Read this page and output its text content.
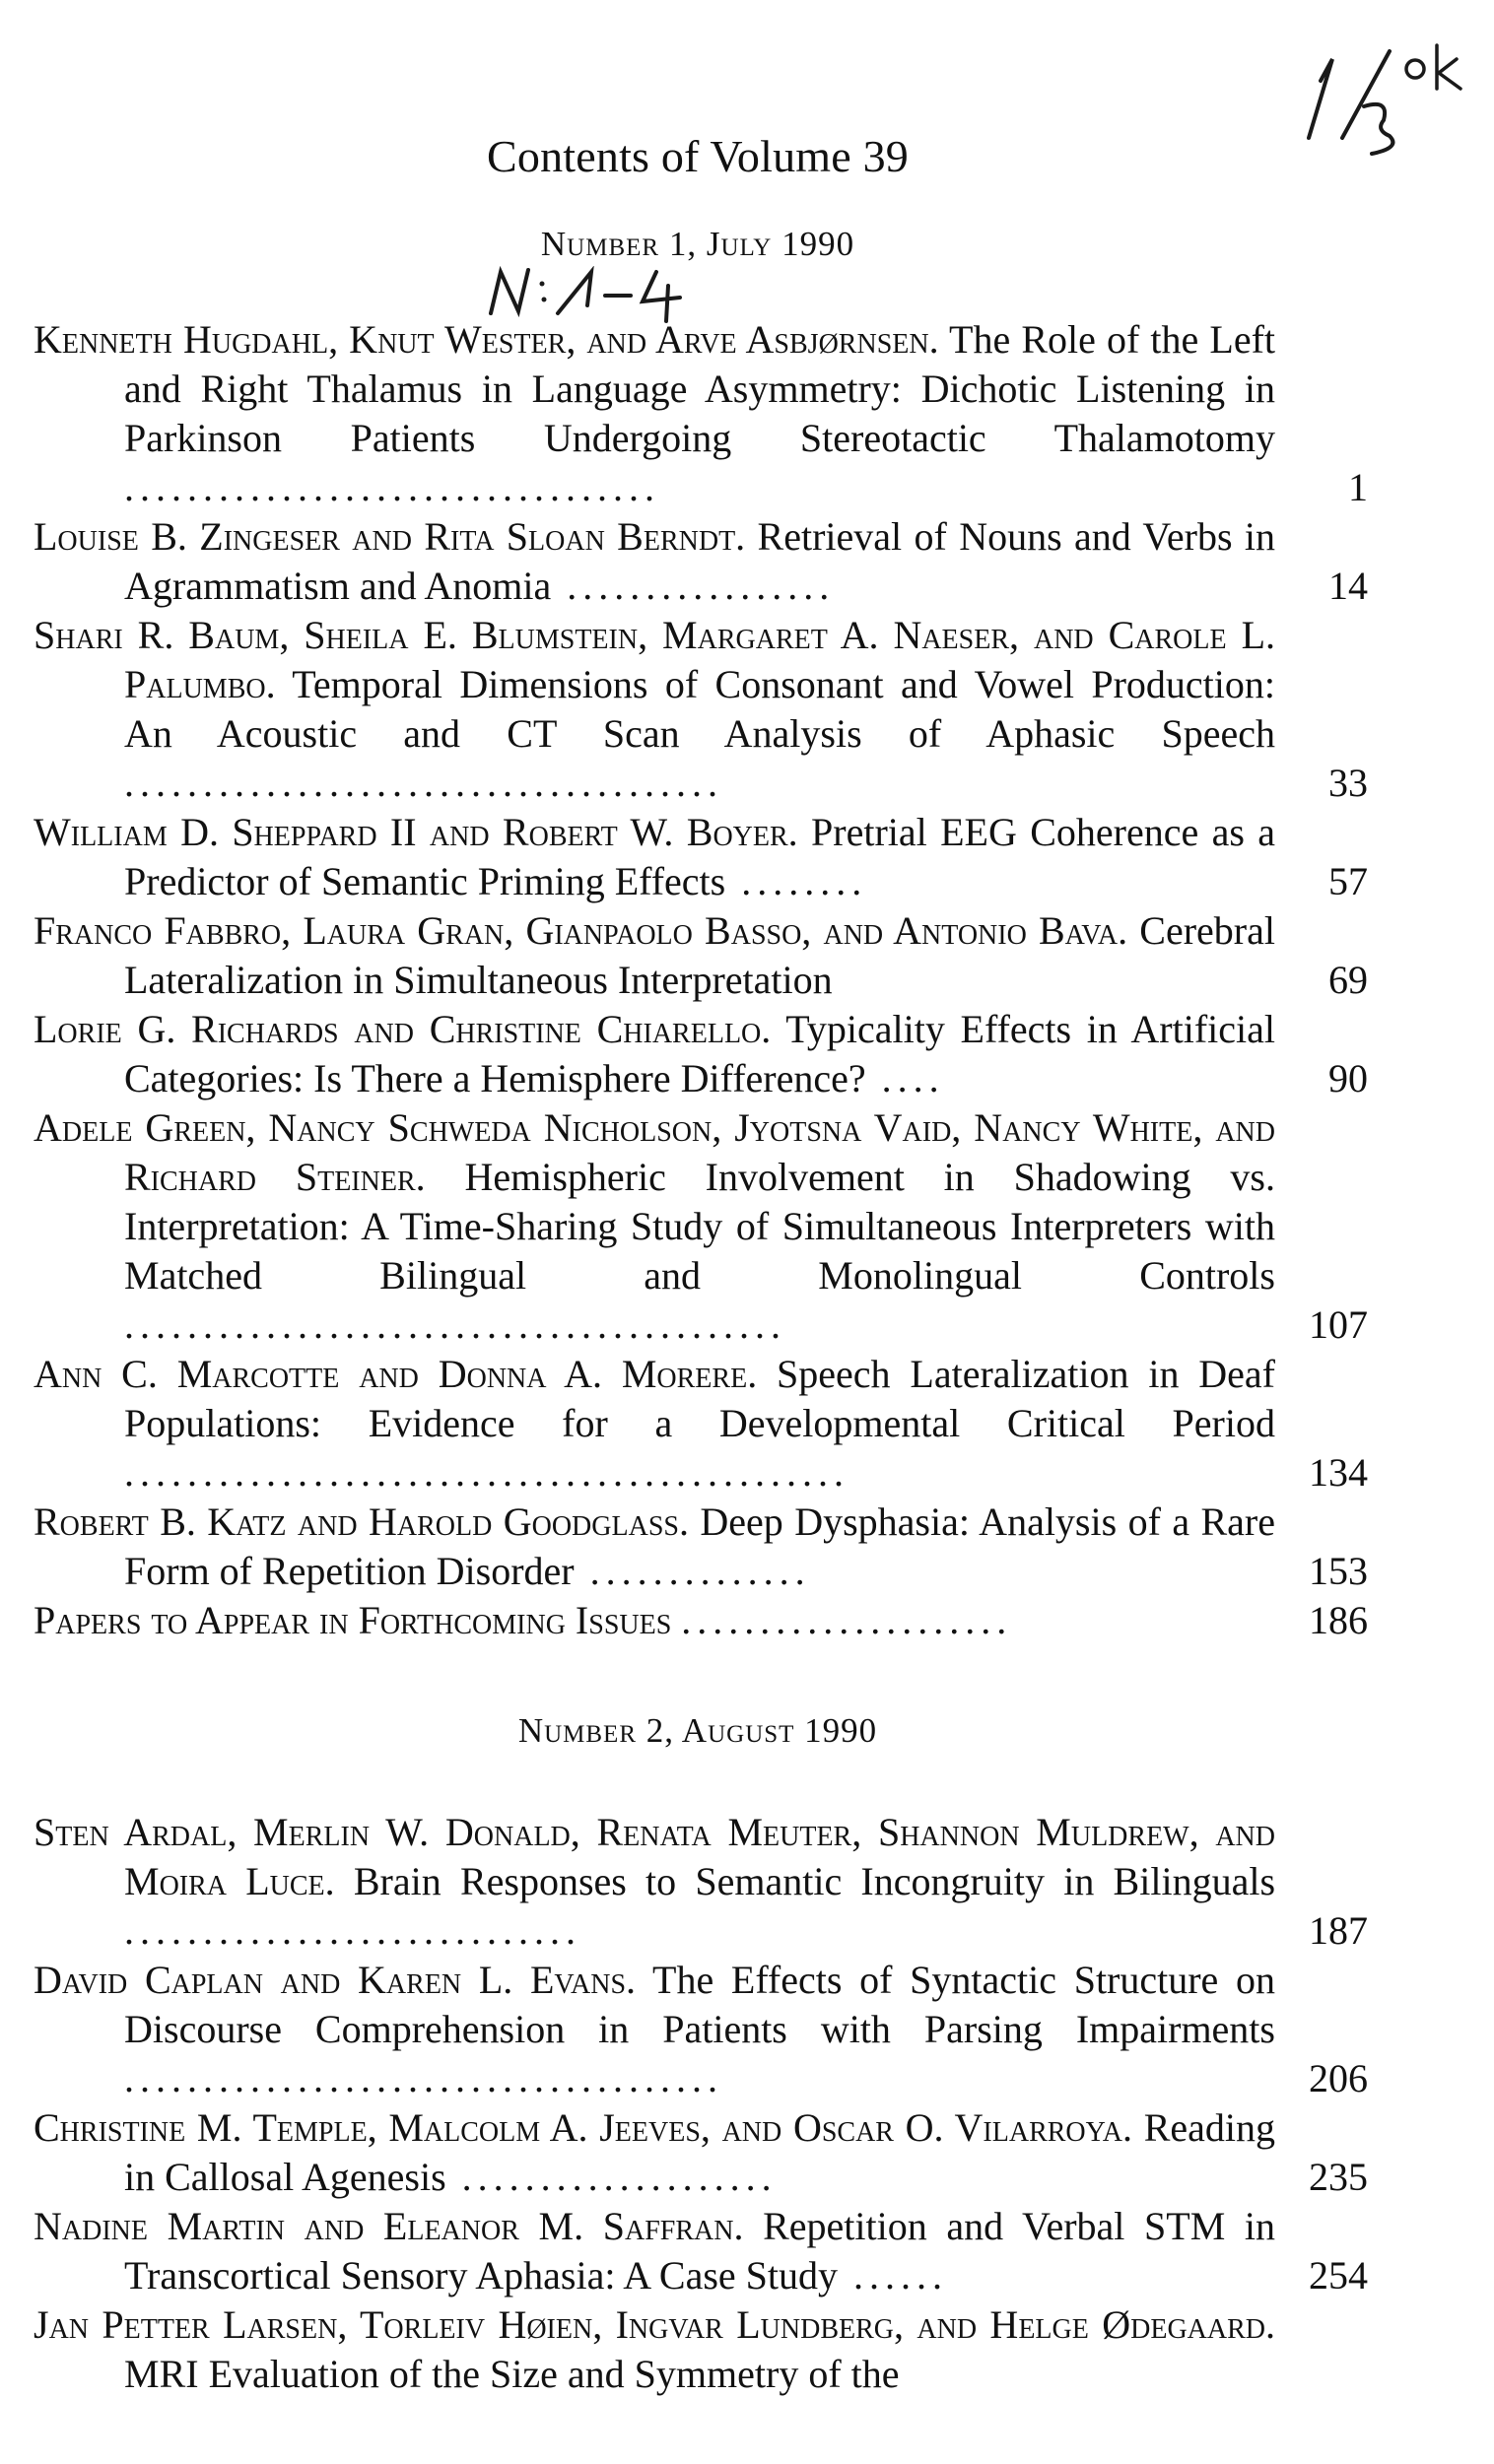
Contents of Volume 39
Number 1, July 1990
Kenneth Hugdahl, Knut Wester, and Arve Asbjørnsen. The Role of the Left and Right Thalamus in Language Asymmetry: Dichotic Listening in Parkinson Patients Undergoing Stereotactic Thalamotomy ..................................	1
Louise B. Zingeser and Rita Sloan Berndt. Retrieval of Nouns and Verbs in Agrammatism and Anomia .................	14
Shari R. Baum, Sheila E. Blumstein, Margaret A. Naeser, and Carole L. Palumbo. Temporal Dimensions of Consonant and Vowel Production: An Acoustic and CT Scan Analysis of Aphasic Speech ......................................	33
William D. Sheppard II and Robert W. Boyer. Pretrial EEG Coherence as a Predictor of Semantic Priming Effects ........	57
Franco Fabbro, Laura Gran, Gianpaolo Basso, and Antonio Bava. Cerebral Lateralization in Simultaneous Interpretation	69
Lorie G. Richards and Christine Chiarello. Typicality Effects in Artificial Categories: Is There a Hemisphere Difference? ....	90
Adele Green, Nancy Schweda Nicholson, Jyotsna Vaid, Nancy White, and Richard Steiner. Hemispheric Involvement in Shadowing vs. Interpretation: A Time-Sharing Study of Simultaneous Interpreters with Matched Bilingual and Monolingual Controls ..........................................	107
Ann C. Marcotte and Donna A. Morere. Speech Lateralization in Deaf Populations: Evidence for a Developmental Critical Period ..............................................	134
Robert B. Katz and Harold Goodglass. Deep Dysphasia: Analysis of a Rare Form of Repetition Disorder ..............	153
Papers to Appear in Forthcoming Issues .....................	186
Number 2, August 1990
Sten Ardal, Merlin W. Donald, Renata Meuter, Shannon Muldrew, and Moira Luce. Brain Responses to Semantic Incongruity in Bilinguals .............................	187
David Caplan and Karen L. Evans. The Effects of Syntactic Structure on Discourse Comprehension in Patients with Parsing Impairments ......................................	206
Christine M. Temple, Malcolm A. Jeeves, and Oscar O. Vilarroya. Reading in Callosal Agenesis ....................	235
Nadine Martin and Eleanor M. Saffran. Repetition and Verbal STM in Transcortical Sensory Aphasia: A Case Study ......	254
Jan Petter Larsen, Torleiv Høien, Ingvar Lundberg, and Helge Ødegaard. MRI Evaluation of the Size and Symmetry of the
